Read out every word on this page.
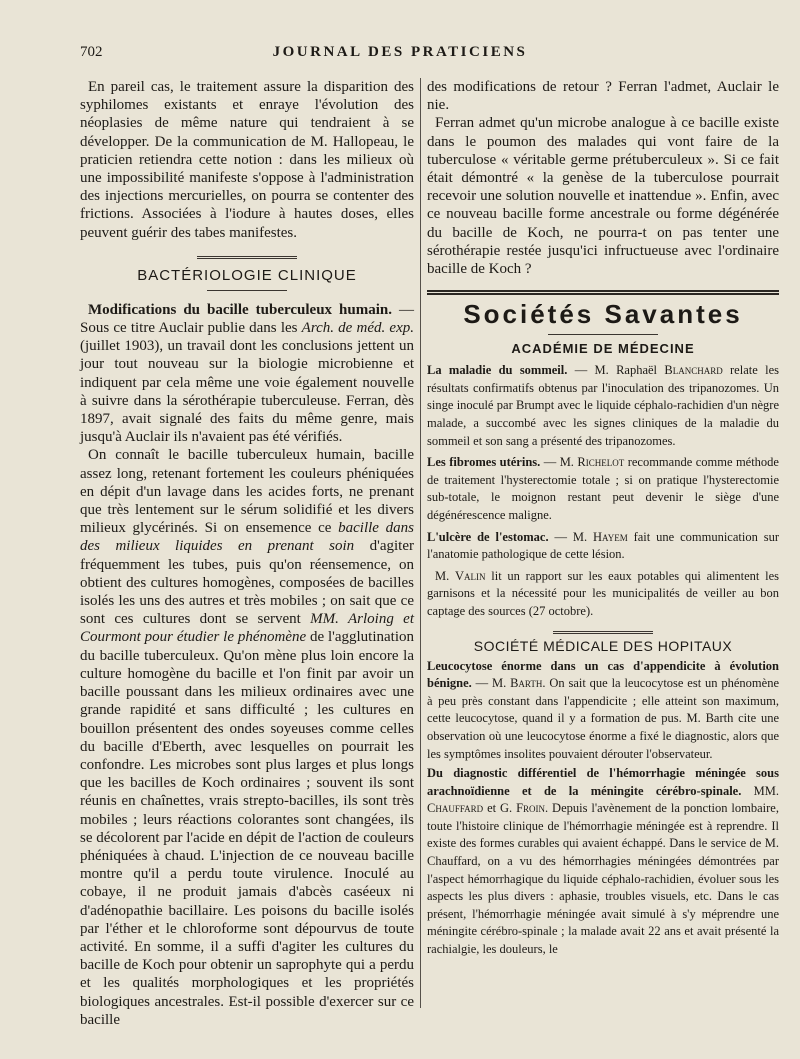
702	JOURNAL DES PRATICIENS

En pareil cas, le traitement assure la disparition des syphilomes existants et enraye l'évolution des néoplasies de même nature qui tendraient à se développer. De la communication de M. Hallopeau, le praticien retiendra cette notion : dans les milieux où une impossibilité manifeste s'oppose à l'administration des injections mercurielles, on pourra se contenter des frictions. Associées à l'iodure à hautes doses, elles peuvent guérir des tabes manifestes.

BACTÉRIOLOGIE CLINIQUE

Modifications du bacille tuberculeux humain. — Sous ce titre Auclair publie dans les Arch. de méd. exp. (juillet 1903), un travail dont les conclusions jettent un jour tout nouveau sur la biologie microbienne et indiquent par cela même une voie également nouvelle à suivre dans la sérothérapie tuberculeuse. Ferran, dès 1897, avait signalé des faits du même genre, mais jusqu'à Auclair ils n'avaient pas été vérifiés.

On connaît le bacille tuberculeux humain, bacille assez long, retenant fortement les couleurs phéniquées en dépit d'un lavage dans les acides forts, ne prenant que très lentement sur le sérum solidifié et les divers milieux glycérinés. Si on ensemence ce bacille dans des milieux liquides en prenant soin d'agiter fréquemment les tubes, puis qu'on réensemence, on obtient des cultures homogènes, composées de bacilles isolés les uns des autres et très mobiles ; on sait que ce sont ces cultures dont se servent MM. Arloing et Courmont pour étudier le phénomène de l'agglutination du bacille tuberculeux. Qu'on mène plus loin encore la culture homogène du bacille et l'on finit par avoir un bacille poussant dans les milieux ordinaires avec une grande rapidité et sans difficulté ; les cultures en bouillon présentent des ondes soyeuses comme celles du bacille d'Eberth, avec lesquelles on pourrait les confondre. Les microbes sont plus larges et plus longs que les bacilles de Koch ordinaires ; souvent ils sont réunis en chaînettes, vrais strepto-bacilles, ils sont très mobiles ; leurs réactions colorantes sont changées, ils se décolorent par l'acide en dépit de l'action de couleurs phéniquées à chaud. L'injection de ce nouveau bacille montre qu'il a perdu toute virulence. Inoculé au cobaye, il ne produit jamais d'abcès caséeux ni d'adénopathie bacillaire. Les poisons du bacille isolés par l'éther et le chloroforme sont dépourvus de toute activité. En somme, il a suffi d'agiter les cultures du bacille de Koch pour obtenir un saprophyte qui a perdu et les qualités morphologiques et les propriétés biologiques ancestrales. Est-il possible d'exercer sur ce bacille

des modifications de retour ? Ferran l'admet, Auclair le nie.

Ferran admet qu'un microbe analogue à ce bacille existe dans le poumon des malades qui vont faire de la tuberculose « véritable germe prétuberculeux ». Si ce fait était démontré « la genèse de la tuberculose pourrait recevoir une solution nouvelle et inattendue ». Enfin, avec ce nouveau bacille forme ancestrale ou forme dégénérée du bacille de Koch, ne pourra-t on pas tenter une sérothérapie restée jusqu'ici infructueuse avec l'ordinaire bacille de Koch ?

Sociétés Savantes
ACADÉMIE DE MÉDECINE

La maladie du sommeil. — M. Raphaël Blanchard relate les résultats confirmatifs obtenus par l'inoculation des tripanozomes. Un singe inoculé par Brumpt avec le liquide céphalo-rachidien d'un nègre malade, a succombé avec les signes cliniques de la maladie du sommeil et son sang a présenté des tripanozomes.

Les fibromes utérins. — M. Richelot recommande comme méthode de traitement l'hysterectomie totale ; si on pratique l'hysterectomie sub-totale, le moignon restant peut devenir le siège d'une dégénérescence maligne.

L'ulcère de l'estomac. — M. Hayem fait une communication sur l'anatomie pathologique de cette lésion.

M. Valin lit un rapport sur les eaux potables qui alimentent les garnisons et la nécessité pour les municipalités de veiller au bon captage des sources (27 octobre).

SOCIÉTÉ MÉDICALE DES HOPITAUX

Leucocytose énorme dans un cas d'appendicite à évolution bénigne. — M. Barth. On sait que la leucocytose est un phénomène à peu près constant dans l'appendicite ; elle atteint son maximum, cette leucocytose, quand il y a formation de pus. M. Barth cite une observation où une leucocytose énorme a fixé le diagnostic, alors que les symptômes insolites pouvaient dérouter l'observateur.

Du diagnostic différentiel de l'hémorrhagie méningée sous arachnoïdienne et de la méningite cérébro-spinale. MM. Chauffard et G. Froin. Depuis l'avènement de la ponction lombaire, toute l'histoire clinique de l'hémorrhagie méningée est à reprendre. Il existe des formes curables qui avaient échappé. Dans le service de M. Chauffard, on a vu des hémorrhagies méningées démontrées par l'aspect hémorrhagique du liquide céphalo-rachidien, évoluer sous les aspects les plus divers : aphasie, troubles visuels, etc. Dans le cas présent, l'hémorrhagie méningée avait simulé à s'y méprendre une méningite cérébro-spinale ; la malade avait 22 ans et avait présenté la rachialgie, les douleurs, le
